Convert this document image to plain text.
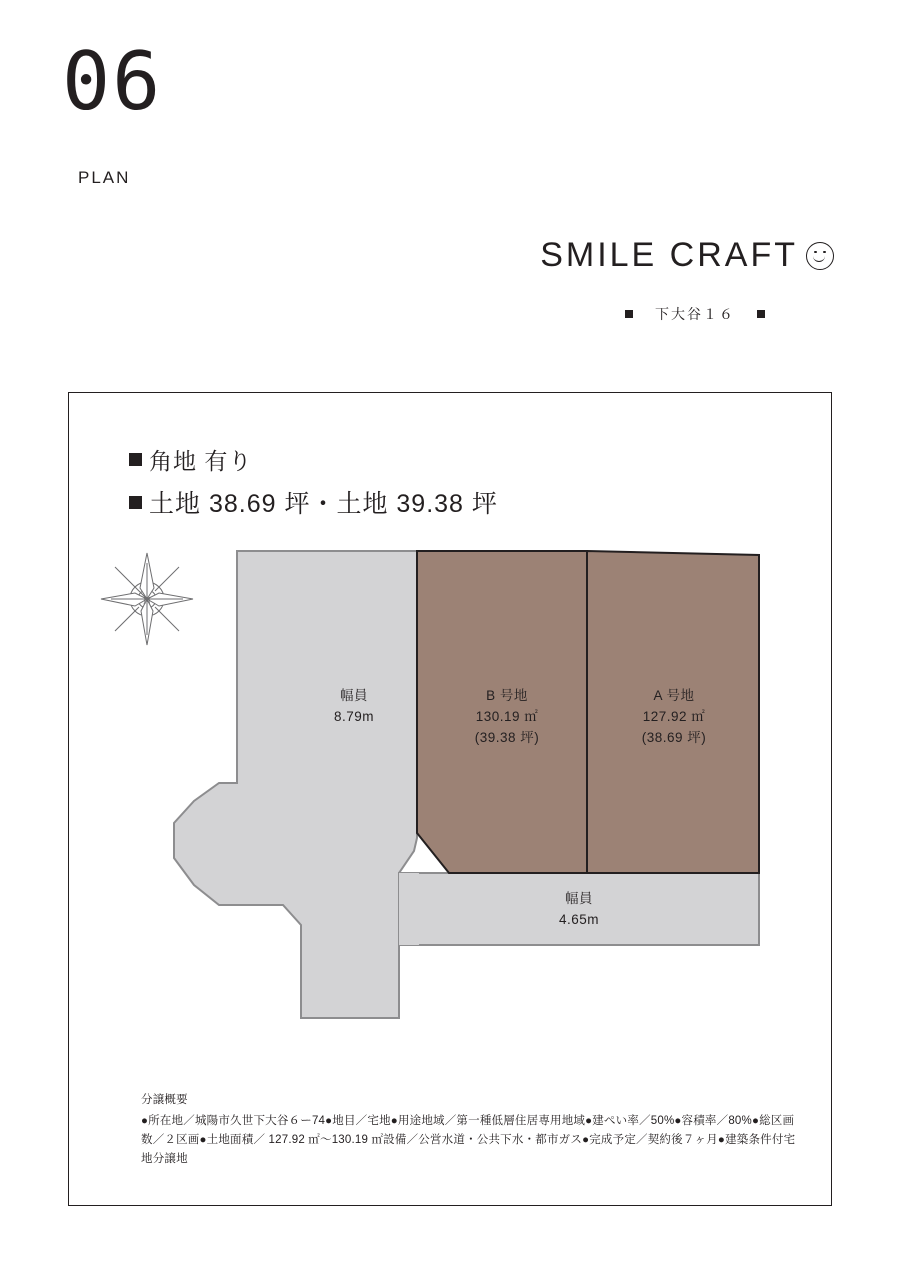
06
PLAN
SMILE CRAFT
下大谷１６
角地 有り
土地 38.69 坪・土地 39.38 坪
N
幅員
8.79m
B 号地
130.19 ㎡
(39.38 坪)
A 号地
127.92 ㎡
(38.69 坪)
幅員
4.65m
分譲概要
●所在地／城陽市久世下大谷６ー74●地目／宅地●用途地域／第一種低層住居専用地域●建ぺい率／50%●容積率／80%●総区画数／２区画●土地面積／ 127.92 ㎡〜130.19 ㎡設備／公営水道・公共下水・都市ガス●完成予定／契約後７ヶ月●建築条件付宅地分譲地
